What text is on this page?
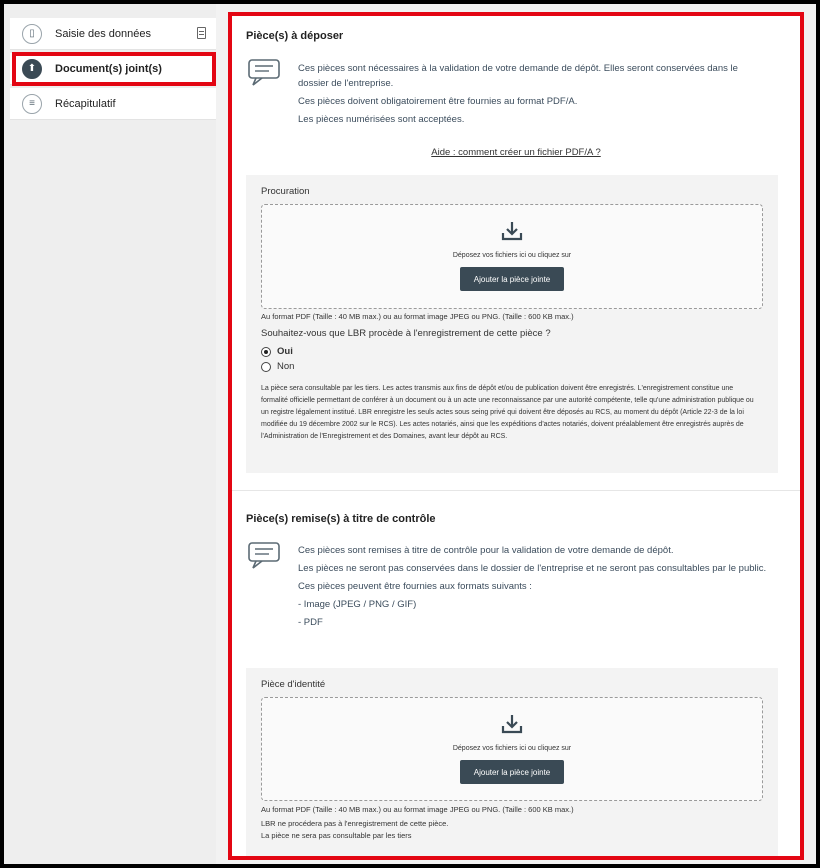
▯	Saisie des données
⬆	Document(s) joint(s)
≡	Récapitulatif
Pièce(s) à déposer

Ces pièces sont nécessaires à la validation de votre demande de dépôt. Elles seront conservées dans le dossier de l'entreprise.

Ces pièces doivent obligatoirement être fournies au format PDF/A.

Les pièces numérisées sont acceptées.

Aide : comment créer un fichier PDF/A ?
Procuration
Déposez vos fichiers ici ou cliquez sur
Ajouter la pièce jointe
Au format PDF (Taille : 40 MB max.) ou au format image JPEG ou PNG. (Taille : 600 KB max.)
Souhaitez-vous que LBR procède à l'enregistrement de cette pièce ?
Oui
Non
La pièce sera consultable par les tiers. Les actes transmis aux fins de dépôt et/ou de publication doivent être enregistrés. L'enregistrement constitue une formalité officielle permettant de conférer à un document ou à un acte une reconnaissance par une autorité compétente, telle qu'une administration publique ou un registre légalement institué. LBR enregistre les seuls actes sous seing privé qui doivent être déposés au RCS, au moment du dépôt (Article 22-3 de la loi modifiée du 19 décembre 2002 sur le RCS). Les actes notariés, ainsi que les expéditions d'actes notariés, doivent préalablement être enregistrés auprès de l'Administration de l'Enregistrement et des Domaines, avant leur dépôt au RCS.
Pièce(s) remise(s) à titre de contrôle

Ces pièces sont remises à titre de contrôle pour la validation de votre demande de dépôt.

Les pièces ne seront pas conservées dans le dossier de l'entreprise et ne seront pas consultables par le public.

Ces pièces peuvent être fournies aux formats suivants :

- Image (JPEG / PNG / GIF)

- PDF

Pièce d'identité
Déposez vos fichiers ici ou cliquez sur
Ajouter la pièce jointe
Au format PDF (Taille : 40 MB max.) ou au format image JPEG ou PNG. (Taille : 600 KB max.)
LBR ne procédera pas à l'enregistrement de cette pièce.
La pièce ne sera pas consultable par les tiers
